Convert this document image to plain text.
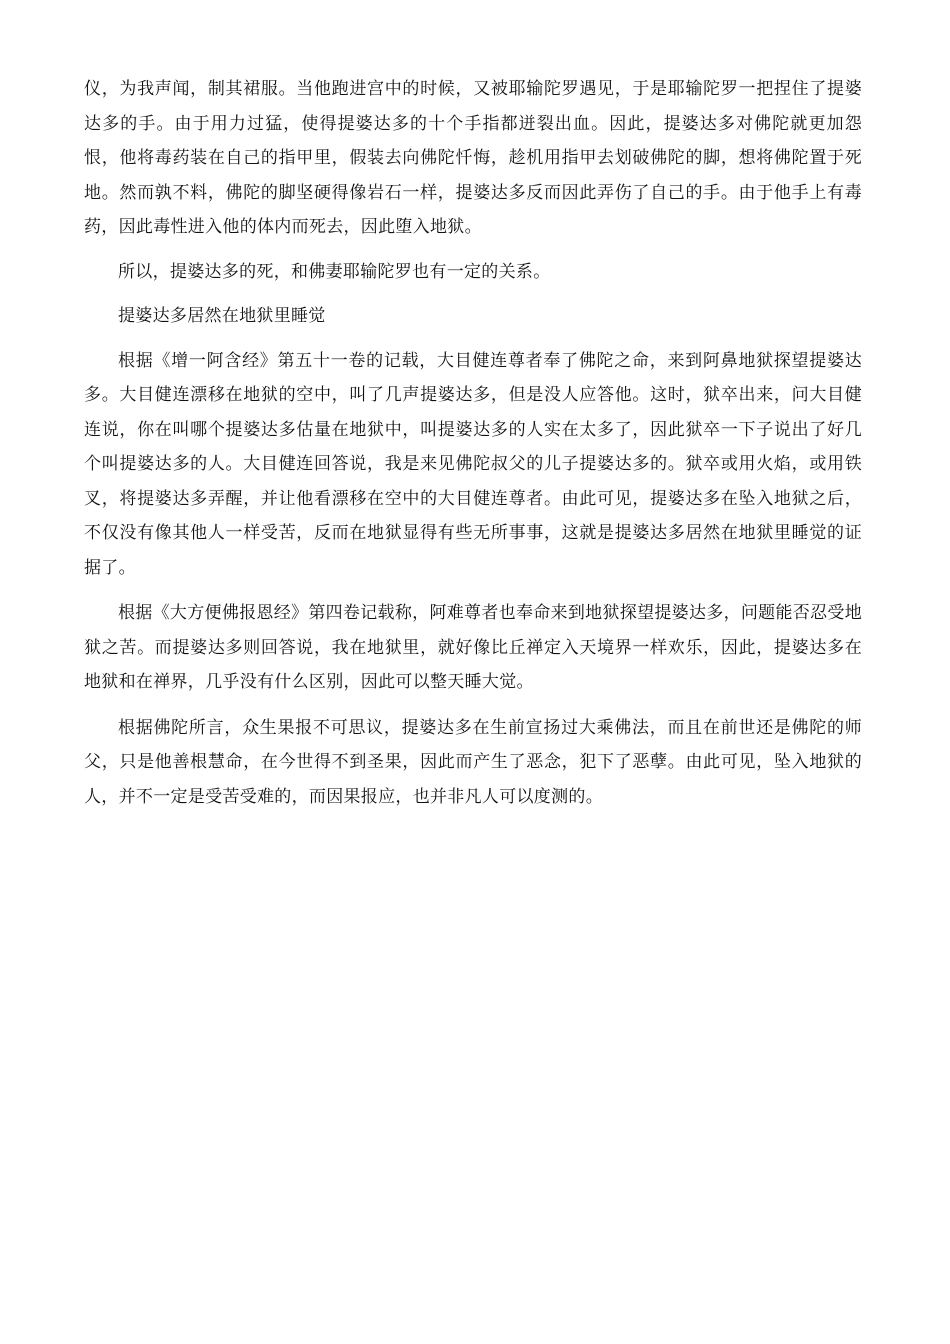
仪，为我声闻，制其裙服。当他跑进宫中的时候，又被耶输陀罗遇见，于是耶输陀罗一把捏住了提婆达多的手。由于用力过猛，使得提婆达多的十个手指都迸裂出血。因此，提婆达多对佛陀就更加怨恨，他将毒药装在自己的指甲里，假装去向佛陀忏悔，趁机用指甲去划破佛陀的脚，想将佛陀置于死地。然而孰不料，佛陀的脚坚硬得像岩石一样，提婆达多反而因此弄伤了自己的手。由于他手上有毒药，因此毒性进入他的体内而死去，因此堕入地狱。

所以，提婆达多的死，和佛妻耶输陀罗也有一定的关系。

提婆达多居然在地狱里睡觉

根据《增一阿含经》第五十一卷的记载，大目健连尊者奉了佛陀之命，来到阿鼻地狱探望提婆达多。大目健连漂移在地狱的空中，叫了几声提婆达多，但是没人应答他。这时，狱卒出来，问大目健连说，你在叫哪个提婆达多估量在地狱中，叫提婆达多的人实在太多了，因此狱卒一下子说出了好几个叫提婆达多的人。大目健连回答说，我是来见佛陀叔父的儿子提婆达多的。狱卒或用火焰，或用铁叉，将提婆达多弄醒，并让他看漂移在空中的大目健连尊者。由此可见，提婆达多在坠入地狱之后，不仅没有像其他人一样受苦，反而在地狱显得有些无所事事，这就是提婆达多居然在地狱里睡觉的证据了。

根据《大方便佛报恩经》第四卷记载称，阿难尊者也奉命来到地狱探望提婆达多，问题能否忍受地狱之苦。而提婆达多则回答说，我在地狱里，就好像比丘禅定入天境界一样欢乐，因此，提婆达多在地狱和在禅界，几乎没有什么区别，因此可以整天睡大觉。

根据佛陀所言，众生果报不可思议，提婆达多在生前宣扬过大乘佛法，而且在前世还是佛陀的师父，只是他善根慧命，在今世得不到圣果，因此而产生了恶念，犯下了恶孽。由此可见，坠入地狱的人，并不一定是受苦受难的，而因果报应，也并非凡人可以度测的。
